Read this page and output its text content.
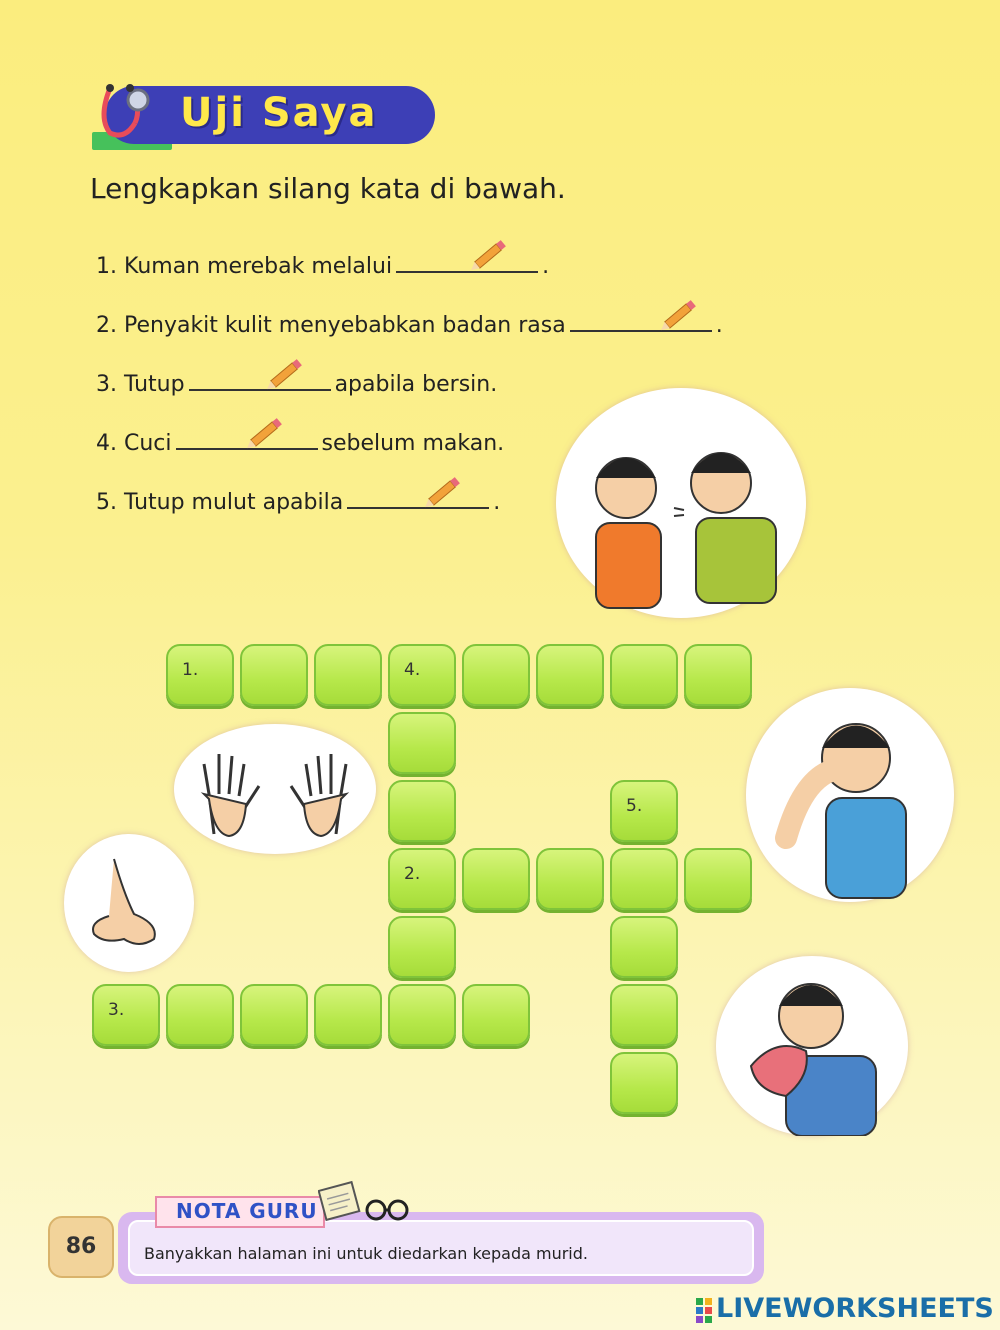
Uji Saya
Lengkapkan silang kata di bawah.
1. Kuman merebak melalui	.
2. Penyakit kulit menyebabkan badan rasa	.
3. Tutup	apabila bersin.
4. Cuci	sebelum makan.
5. Tutup mulut apabila	.
1.	4.
5.
2.
3.
86	Banyakkan halaman ini untuk diedarkan kepada murid.
NOTA GURU
LIVEWORKSHEETS
